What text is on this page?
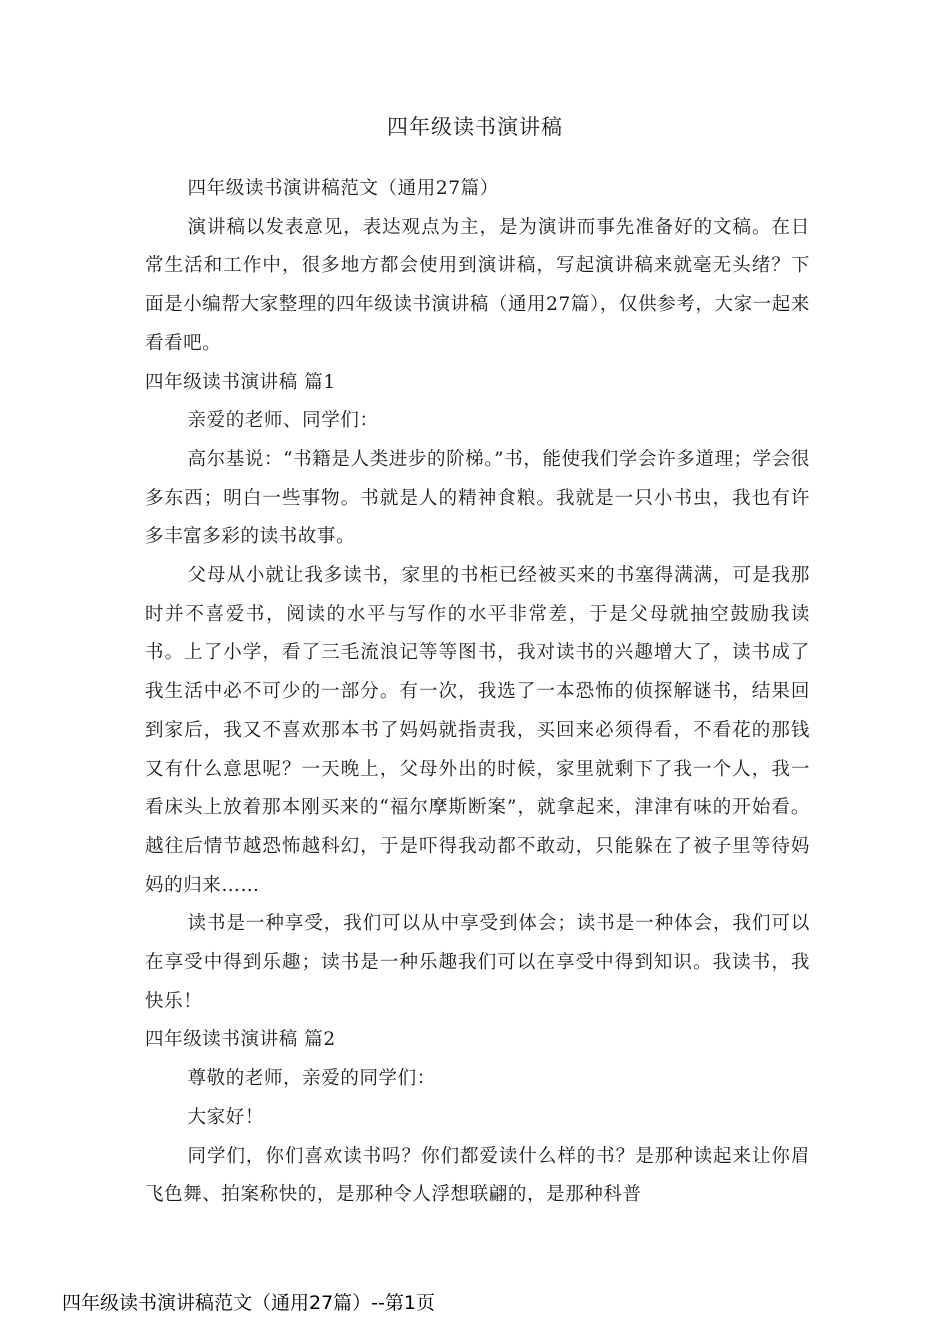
四年级读书演讲稿

四年级读书演讲稿范文（通用27篇）

演讲稿以发表意见，表达观点为主，是为演讲而事先准备好的文稿。在日常生活和工作中，很多地方都会使用到演讲稿，写起演讲稿来就毫无头绪？下面是小编帮大家整理的四年级读书演讲稿（通用27篇），仅供参考，大家一起来看看吧。

四年级读书演讲稿 篇1

亲爱的老师、同学们：

高尔基说：“书籍是人类进步的阶梯。”书，能使我们学会许多道理；学会很多东西；明白一些事物。书就是人的精神食粮。我就是一只小书虫，我也有许多丰富多彩的读书故事。

父母从小就让我多读书，家里的书柜已经被买来的书塞得满满，可是我那时并不喜爱书，阅读的水平与写作的水平非常差，于是父母就抽空鼓励我读书。上了小学，看了三毛流浪记等等图书，我对读书的兴趣增大了，读书成了我生活中必不可少的一部分。有一次，我选了一本恐怖的侦探解谜书，结果回到家后，我又不喜欢那本书了妈妈就指责我，买回来必须得看，不看花的那钱又有什么意思呢？一天晚上，父母外出的时候，家里就剩下了我一个人，我一看床头上放着那本刚买来的“福尔摩斯断案”，就拿起来，津津有味的开始看。越往后情节越恐怖越科幻，于是吓得我动都不敢动，只能躲在了被子里等待妈妈的归来……

读书是一种享受，我们可以从中享受到体会；读书是一种体会，我们可以在享受中得到乐趣；读书是一种乐趣我们可以在享受中得到知识。我读书，我快乐！

四年级读书演讲稿 篇2

尊敬的老师，亲爱的同学们：

大家好！

同学们，你们喜欢读书吗？你们都爱读什么样的书？是那种读起来让你眉飞色舞、拍案称快的，是那种令人浮想联翩的，是那种科普

四年级读书演讲稿范文（通用27篇）--第1页
